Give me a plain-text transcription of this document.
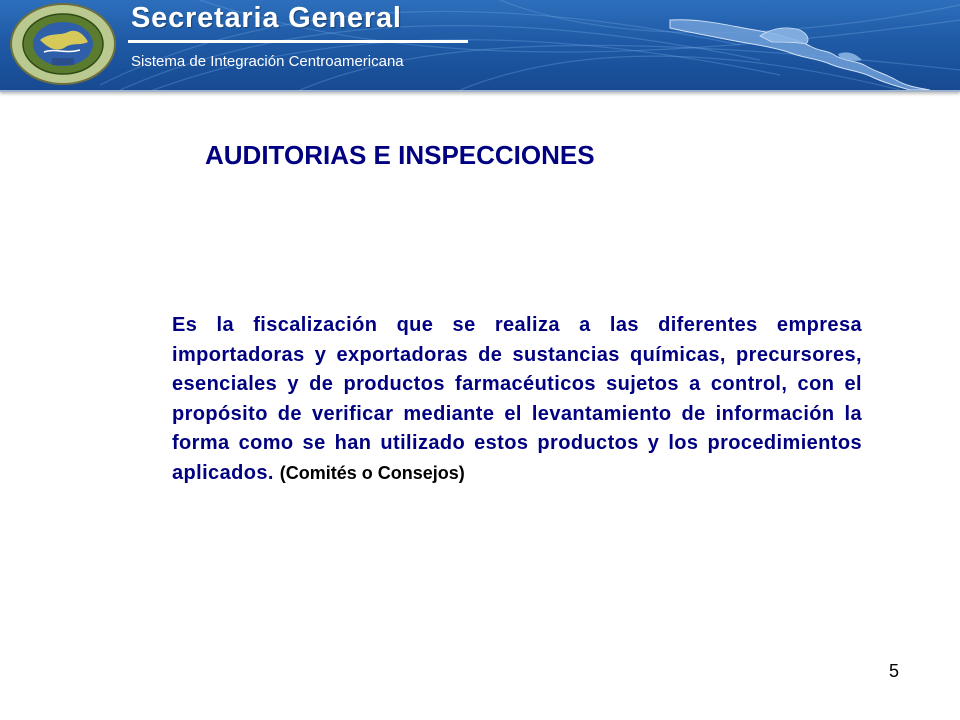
Secretaria General
Sistema de Integración Centroamericana
AUDITORIAS E INSPECCIONES

Es la fiscalización que se realiza a las diferentes empresa importadoras y exportadoras de sustancias químicas, precursores, esenciales y de productos farmacéuticos sujetos a control, con el propósito de verificar mediante el levantamiento de información la forma como se han utilizado estos productos y los procedimientos aplicados. (Comités o Consejos)

5
